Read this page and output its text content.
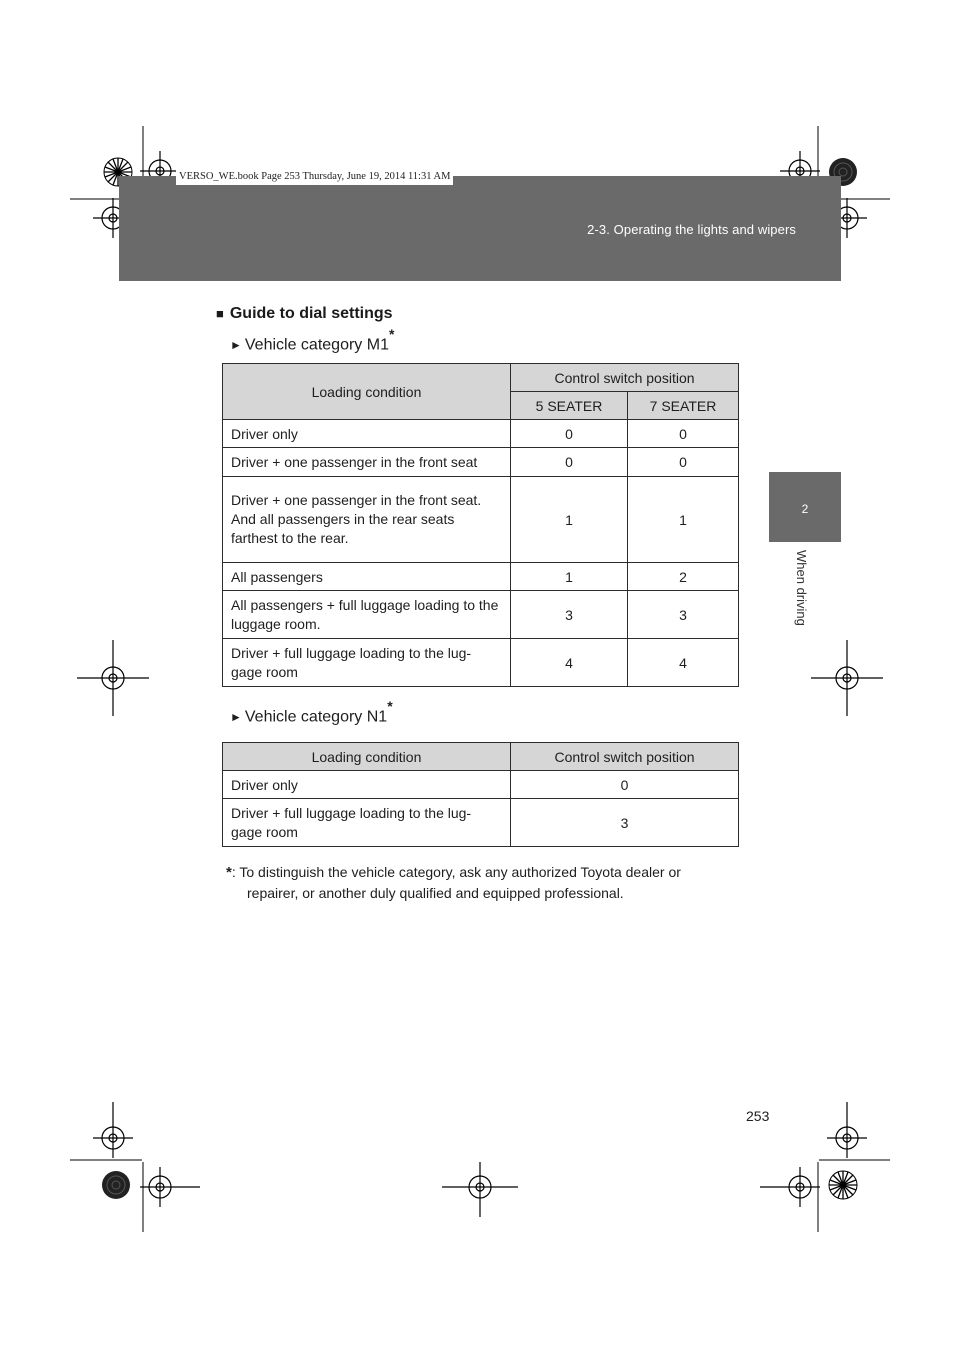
2-3. Operating the lights and wipers
VERSO_WE.book Page 253 Thursday, June 19, 2014 11:31 AM
2
When driving
■ Guide to dial settings
► Vehicle category M1*
Loading condition	Control switch position	
	5 SEATER	7 SEATER
Driver only	0	0
Driver + one passenger in the front seat	0	0
Driver + one passenger in the front seat.
And all passengers in the rear seats farthest to the rear.	1	1
All passengers	1	2
All passengers + full luggage loading to the luggage room.	3	3
Driver + full luggage loading to the lug-gage room	4	4
► Vehicle category N1*
Loading condition	Control switch position
Driver only	0
Driver + full luggage loading to the lug-gage room	3
*: To distinguish the vehicle category, ask any authorized Toyota dealer or
repairer, or another duly qualified and equipped professional.
253
